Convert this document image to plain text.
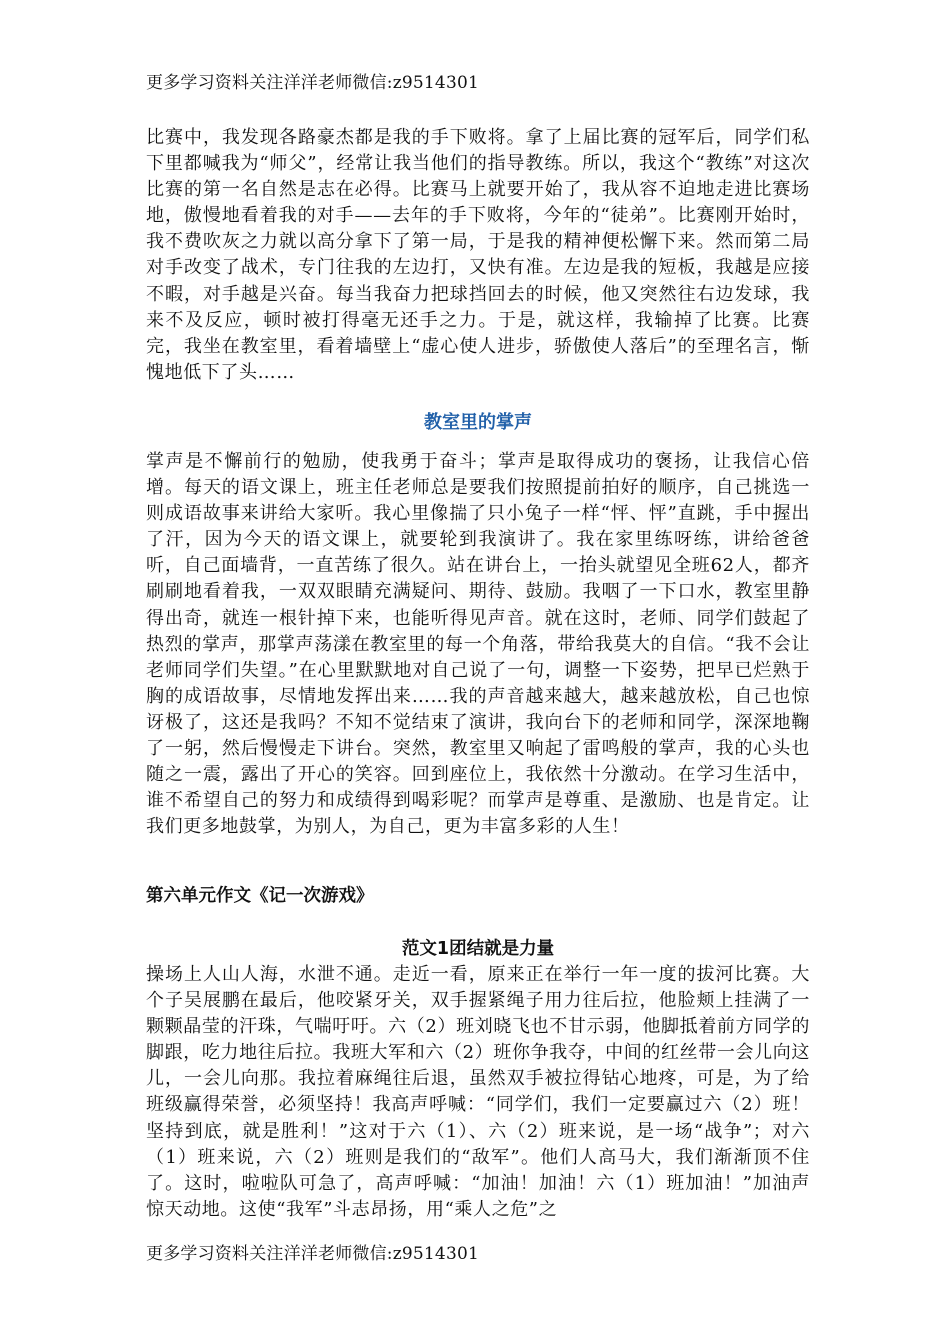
更多学习资料关注洋洋老师微信:z9514301

比赛中，我发现各路豪杰都是我的手下败将。拿了上届比赛的冠军后，同学们私下里都喊我为“师父”，经常让我当他们的指导教练。所以，我这个“教练”对这次比赛的第一名自然是志在必得。比赛马上就要开始了，我从容不迫地走进比赛场地，傲慢地看着我的对手——去年的手下败将，今年的“徒弟”。比赛刚开始时，我不费吹灰之力就以高分拿下了第一局，于是我的精神便松懈下来。然而第二局对手改变了战术，专门往我的左边打，又快有准。左边是我的短板，我越是应接不暇，对手越是兴奋。每当我奋力把球挡回去的时候，他又突然往右边发球，我来不及反应，顿时被打得毫无还手之力。于是，就这样，我输掉了比赛。比赛完，我坐在教室里，看着墙壁上“虚心使人进步，骄傲使人落后”的至理名言，惭愧地低下了头……

教室里的掌声

掌声是不懈前行的勉励，使我勇于奋斗；掌声是取得成功的褒扬，让我信心倍增。每天的语文课上，班主任老师总是要我们按照提前拍好的顺序，自己挑选一则成语故事来讲给大家听。我心里像揣了只小兔子一样“怦、怦”直跳，手中握出了汗，因为今天的语文课上，就要轮到我演讲了。我在家里练呀练，讲给爸爸听，自己面墙背，一直苦练了很久。站在讲台上，一抬头就望见全班62人，都齐刷刷地看着我，一双双眼睛充满疑问、期待、鼓励。我咽了一下口水，教室里静得出奇，就连一根针掉下来，也能听得见声音。就在这时，老师、同学们鼓起了热烈的掌声，那掌声荡漾在教室里的每一个角落，带给我莫大的自信。“我不会让老师同学们失望。”在心里默默地对自己说了一句，调整一下姿势，把早已烂熟于胸的成语故事，尽情地发挥出来……我的声音越来越大，越来越放松，自己也惊讶极了，这还是我吗？不知不觉结束了演讲，我向台下的老师和同学，深深地鞠了一躬，然后慢慢走下讲台。突然，教室里又响起了雷鸣般的掌声，我的心头也随之一震，露出了开心的笑容。回到座位上，我依然十分激动。在学习生活中，谁不希望自己的努力和成绩得到喝彩呢？而掌声是尊重、是激励、也是肯定。让我们更多地鼓掌，为别人，为自己，更为丰富多彩的人生！

第六单元作文《记一次游戏》
范文1团结就是力量

操场上人山人海，水泄不通。走近一看，原来正在举行一年一度的拔河比赛。大个子吴展鹏在最后，他咬紧牙关，双手握紧绳子用力往后拉，他脸颊上挂满了一颗颗晶莹的汗珠，气喘吁吁。六（2）班刘晓飞也不甘示弱，他脚抵着前方同学的脚跟，吃力地往后拉。我班大军和六（2）班你争我夺，中间的红丝带一会儿向这儿，一会儿向那。我拉着麻绳往后退，虽然双手被拉得钻心地疼，可是，为了给班级赢得荣誉，必须坚持！我高声呼喊：“同学们，我们一定要赢过六（2）班！坚持到底，就是胜利！”这对于六（1）、六（2）班来说，是一场“战争”；对六（1）班来说，六（2）班则是我们的“敌军”。他们人高马大，我们渐渐顶不住了。这时，啦啦队可急了，高声呼喊：“加油！加油！六（1）班加油！”加油声惊天动地。这使“我军”斗志昂扬，用“乘人之危”之

更多学习资料关注洋洋老师微信:z9514301
